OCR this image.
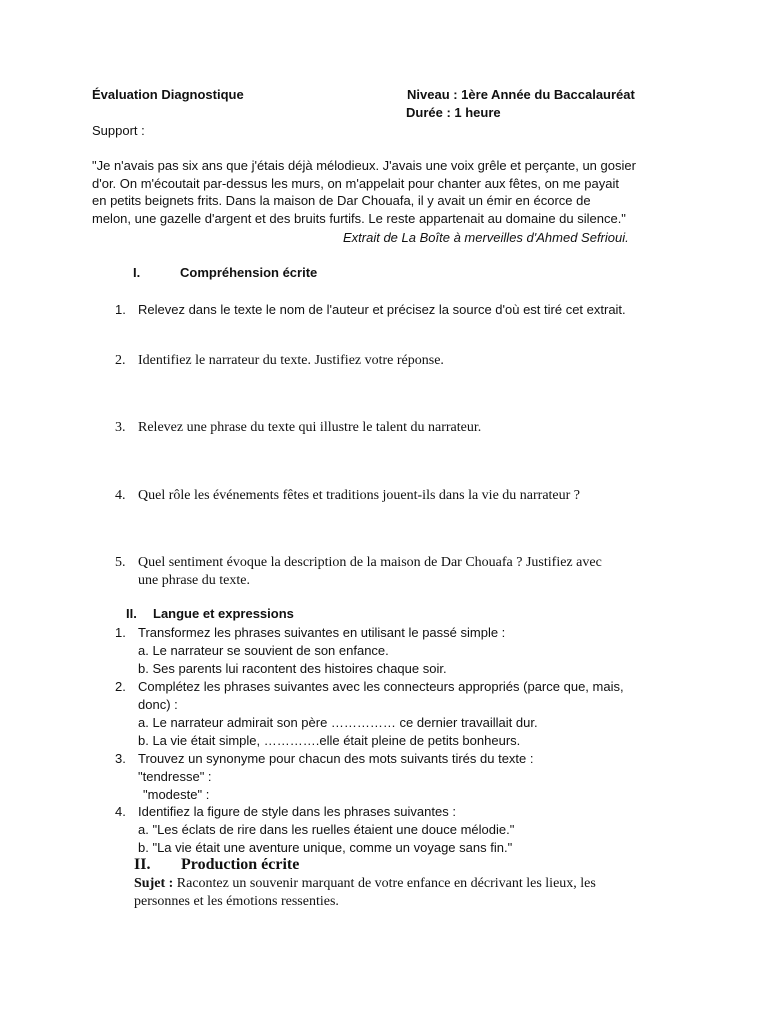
Évaluation Diagnostique	Niveau : 1ère Année du Baccalauréat
Durée : 1 heure
Support :
"Je n'avais pas six ans que j'étais déjà mélodieux. J'avais une voix grêle et perçante, un gosier
d'or. On m'écoutait par-dessus les murs, on m'appelait pour chanter aux fêtes, on me payait
en petits beignets frits. Dans la maison de Dar Chouafa, il y avait un émir en écorce de
melon, une gazelle d'argent et des bruits furtifs. Le reste appartenait au domaine du silence."
Extrait de La Boîte à merveilles d'Ahmed Sefrioui.
I.	Compréhension écrite
1. Relevez dans le texte le nom de l'auteur et précisez la source d'où est tiré cet extrait.
2. Identifiez le narrateur du texte. Justifiez votre réponse.
3. Relevez une phrase du texte qui illustre le talent du narrateur.
4. Quel rôle les événements fêtes et traditions jouent-ils dans la vie du narrateur ?
5. Quel sentiment évoque la description de la maison de Dar Chouafa ? Justifiez avec
une phrase du texte.
II. Langue et expressions
1. Transformez les phrases suivantes en utilisant le passé simple :
a. Le narrateur se souvient de son enfance.
b. Ses parents lui racontent des histoires chaque soir.
2. Complétez les phrases suivantes avec les connecteurs appropriés (parce que, mais,
donc) :
a. Le narrateur admirait son père …………… ce dernier travaillait dur.
b. La vie était simple, ………….elle était pleine de petits bonheurs.
3. Trouvez un synonyme pour chacun des mots suivants tirés du texte :
"tendresse" :
"modeste" :
4. Identifiez la figure de style dans les phrases suivantes :
a. "Les éclats de rire dans les ruelles étaient une douce mélodie."
b. "La vie était une aventure unique, comme un voyage sans fin."
II. Production écrite
Sujet : Racontez un souvenir marquant de votre enfance en décrivant les lieux, les
personnes et les émotions ressenties.
